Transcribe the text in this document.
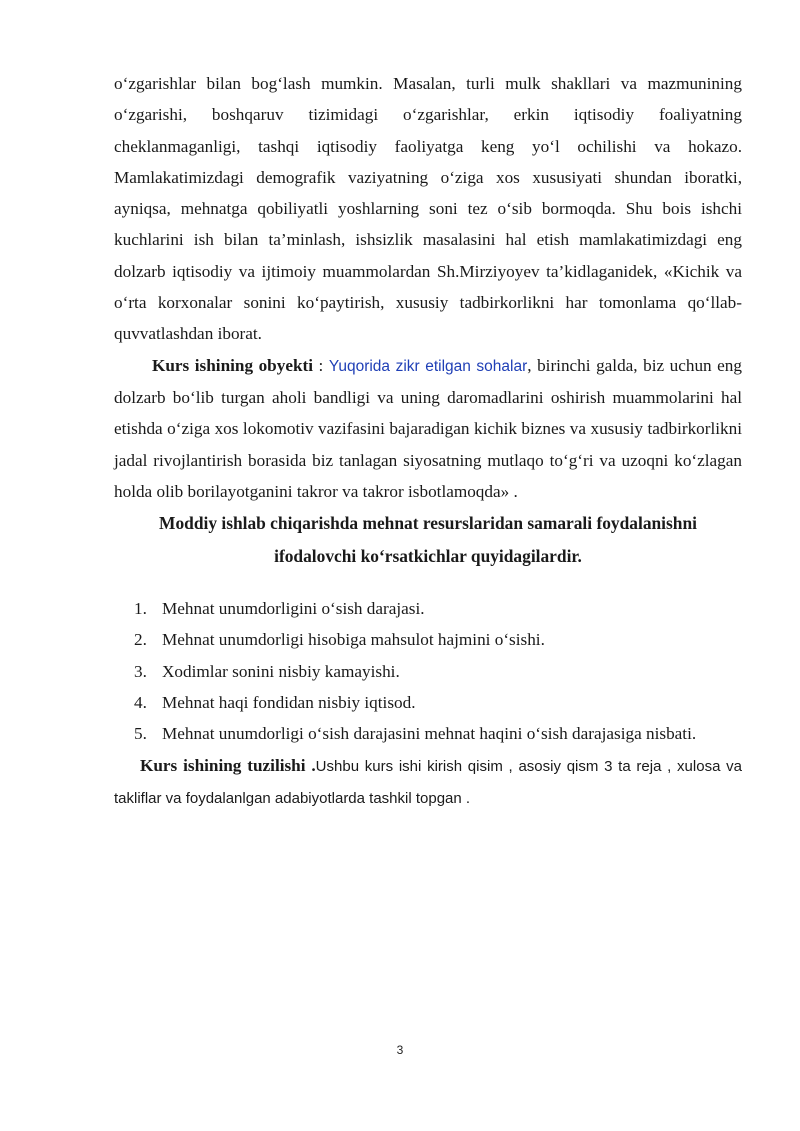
o‘zgarishlar bilan bog‘lash mumkin. Masalan, turli mulk shakllari va mazmunining o‘zgarishi, boshqaruv tizimidagi o‘zgarishlar, erkin iqtisodiy foaliyatning cheklanmaganligi, tashqi iqtisodiy faoliyatga keng yo‘l ochilishi va hokazo. Mamlakatimizdagi demografik vaziyatning o‘ziga xos xususiyati shundan iboratki, ayniqsa, mehnatga qobiliyatli yoshlarning soni tez o‘sib bormoqda. Shu bois ishchi kuchlarini ish bilan ta’minlash, ishsizlik masalasini hal etish mamlakatimizdagi eng dolzarb iqtisodiy va ijtimoiy muammolardan Sh.Mirziyoyev ta’kidlaganidek, «Kichik va o‘rta korxonalar sonini ko‘paytirish, xususiy tadbirkorlikni har tomonlama qo‘llab-quvvatlashdan iborat.

Kurs ishining obyekti : Yuqorida zikr etilgan sohalar, birinchi galda, biz uchun eng dolzarb bo‘lib turgan aholi bandligi va uning daromadlarini oshirish muammolarini hal etishda o‘ziga xos lokomotiv vazifasini bajaradigan kichik biznes va xususiy tadbirkorlikni jadal rivojlantirish borasida biz tanlagan siyosatning mutlaqo to‘g‘ri va uzoqni ko‘zlagan holda olib borilayotganini takror va takror isbotlamoqda» .

Moddiy ishlab chiqarishda mehnat resurslaridan samarali foydalanishni

ifodalovchi ko‘rsatkichlar quyidagilardir.

1. Mehnat unumdorligini o‘sish darajasi.
2. Mehnat unumdorligi hisobiga mahsulot hajmini o‘sishi.
3. Xodimlar sonini nisbiy kamayishi.
4. Mehnat haqi fondidan nisbiy iqtisod.
5. Mehnat unumdorligi o‘sish darajasini mehnat haqini o‘sish darajasiga nisbati.

Kurs ishining tuzilishi .Ushbu kurs ishi kirish qisim , asosiy qism 3 ta reja , xulosa va takliflar va foydalanlgan adabiyotlarda tashkil topgan .

3
